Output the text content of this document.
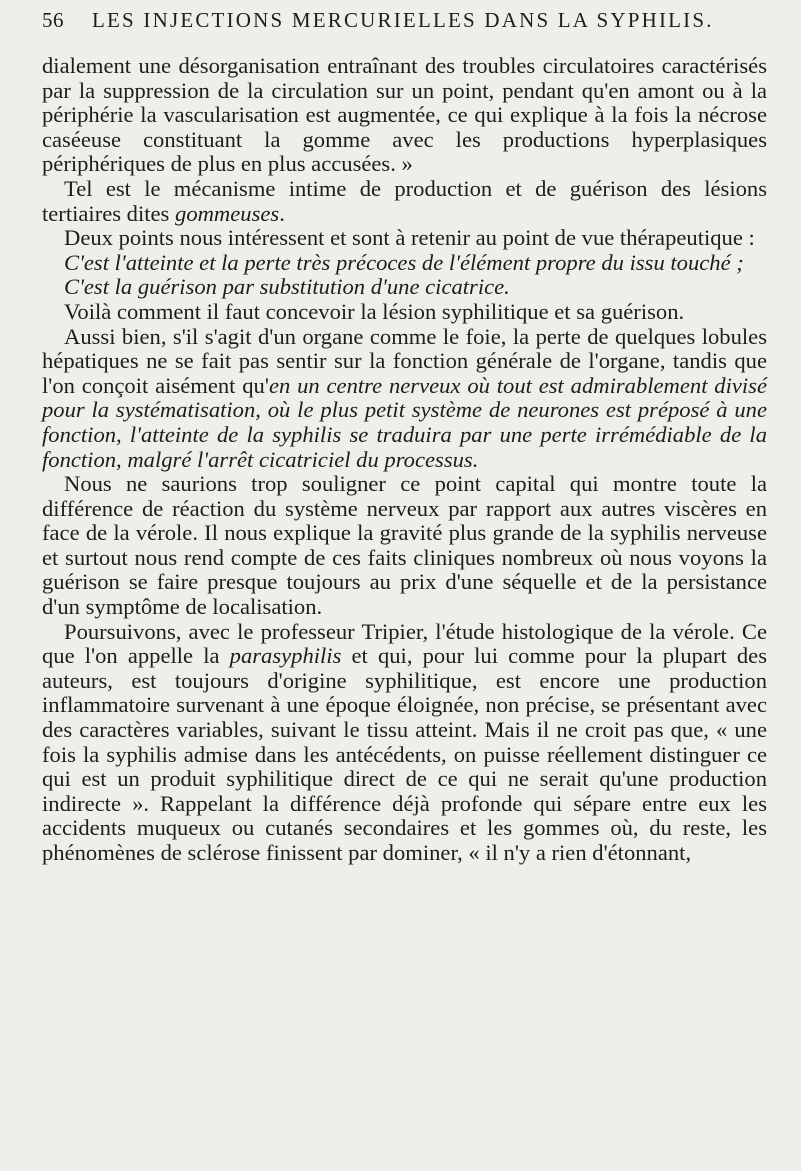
56	LES INJECTIONS MERCURIELLES DANS LA SYPHILIS.

dialement une désorganisation entraînant des troubles circulatoires caractérisés par la suppression de la circulation sur un point, pendant qu'en amont ou à la périphérie la vascularisation est augmentée, ce qui explique à la fois la nécrose caséeuse constituant la gomme avec les productions hyperplasiques périphériques de plus en plus accusées. »

Tel est le mécanisme intime de production et de guérison des lésions tertiaires dites gommeuses.

Deux points nous intéressent et sont à retenir au point de vue thérapeutique :

C'est l'atteinte et la perte très précoces de l'élément propre du issu touché ;

C'est la guérison par substitution d'une cicatrice.

Voilà comment il faut concevoir la lésion syphilitique et sa guérison.

Aussi bien, s'il s'agit d'un organe comme le foie, la perte de quelques lobules hépatiques ne se fait pas sentir sur la fonction générale de l'organe, tandis que l'on conçoit aisément qu'en un centre nerveux où tout est admirablement divisé pour la systématisation, où le plus petit système de neurones est préposé à une fonction, l'atteinte de la syphilis se traduira par une perte irrémédiable de la fonction, malgré l'arrêt cicatriciel du processus.

Nous ne saurions trop souligner ce point capital qui montre toute la différence de réaction du système nerveux par rapport aux autres viscères en face de la vérole. Il nous explique la gravité plus grande de la syphilis nerveuse et surtout nous rend compte de ces faits cliniques nombreux où nous voyons la guérison se faire presque toujours au prix d'une séquelle et de la persistance d'un symptôme de localisation.

Poursuivons, avec le professeur Tripier, l'étude histologique de la vérole. Ce que l'on appelle la parasyphilis et qui, pour lui comme pour la plupart des auteurs, est toujours d'origine syphilitique, est encore une production inflammatoire survenant à une époque éloignée, non précise, se présentant avec des caractères variables, suivant le tissu atteint. Mais il ne croit pas que, « une fois la syphilis admise dans les antécédents, on puisse réellement distinguer ce qui est un produit syphilitique direct de ce qui ne serait qu'une production indirecte ». Rappelant la différence déjà profonde qui sépare entre eux les accidents muqueux ou cutanés secondaires et les gommes où, du reste, les phénomènes de sclérose finissent par dominer, « il n'y a rien d'étonnant,
